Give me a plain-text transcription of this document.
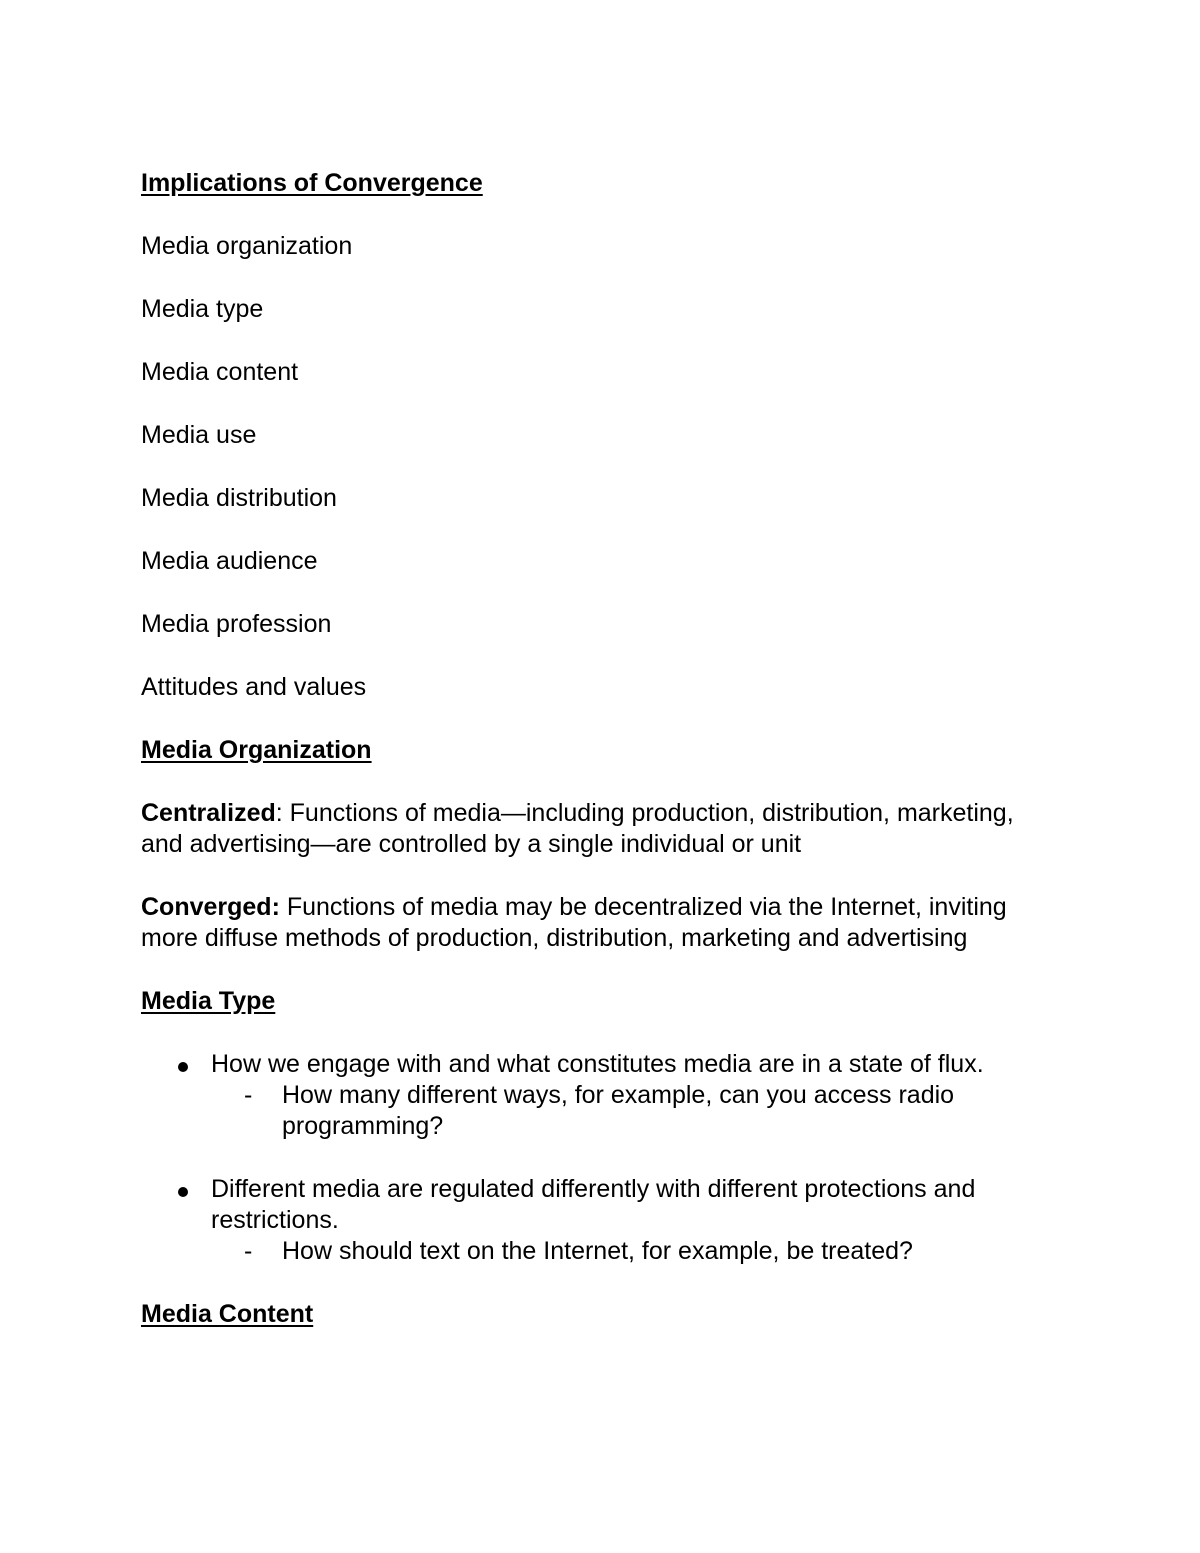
Implications of Convergence
Media organization
Media type
Media content
Media use
Media distribution
Media audience
Media profession
Attitudes and values
Media Organization
Centralized: Functions of media—including production, distribution, marketing, and advertising—are controlled by a single individual or unit
Converged: Functions of media may be decentralized via the Internet, inviting more diffuse methods of production, distribution, marketing and advertising
Media Type
How we engage with and what constitutes media are in a state of flux.
- How many different ways, for example, can you access radio programming?
Different media are regulated differently with different protections and restrictions.
- How should text on the Internet, for example, be treated?
Media Content
